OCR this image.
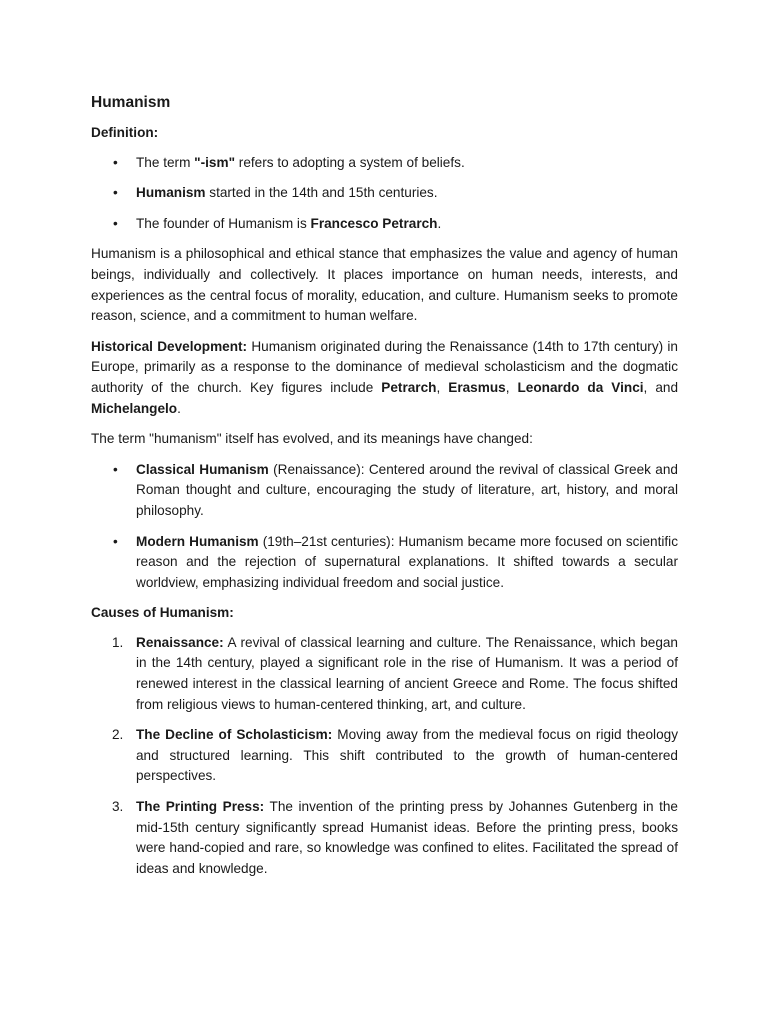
Humanism
Definition:
• The term "-ism" refers to adopting a system of beliefs.
• Humanism started in the 14th and 15th centuries.
• The founder of Humanism is Francesco Petrarch.

Humanism is a philosophical and ethical stance that emphasizes the value and agency of human beings, individually and collectively. It places importance on human needs, interests, and experiences as the central focus of morality, education, and culture. Humanism seeks to promote reason, science, and a commitment to human welfare.

Historical Development: Humanism originated during the Renaissance (14th to 17th century) in Europe, primarily as a response to the dominance of medieval scholasticism and the dogmatic authority of the church. Key figures include Petrarch, Erasmus, Leonardo da Vinci, and Michelangelo.

The term "humanism" itself has evolved, and its meanings have changed:

• Classical Humanism (Renaissance): Centered around the revival of classical Greek and Roman thought and culture, encouraging the study of literature, art, history, and moral philosophy.
• Modern Humanism (19th–21st centuries): Humanism became more focused on scientific reason and the rejection of supernatural explanations. It shifted towards a secular worldview, emphasizing individual freedom and social justice.
Causes of Humanism:
1. Renaissance: A revival of classical learning and culture. The Renaissance, which began in the 14th century, played a significant role in the rise of Humanism. It was a period of renewed interest in the classical learning of ancient Greece and Rome. The focus shifted from religious views to human-centered thinking, art, and culture.
2. The Decline of Scholasticism: Moving away from the medieval focus on rigid theology and structured learning. This shift contributed to the growth of human-centered perspectives.
3. The Printing Press: The invention of the printing press by Johannes Gutenberg in the mid-15th century significantly spread Humanist ideas. Before the printing press, books were hand-copied and rare, so knowledge was confined to elites. Facilitated the spread of ideas and knowledge.
